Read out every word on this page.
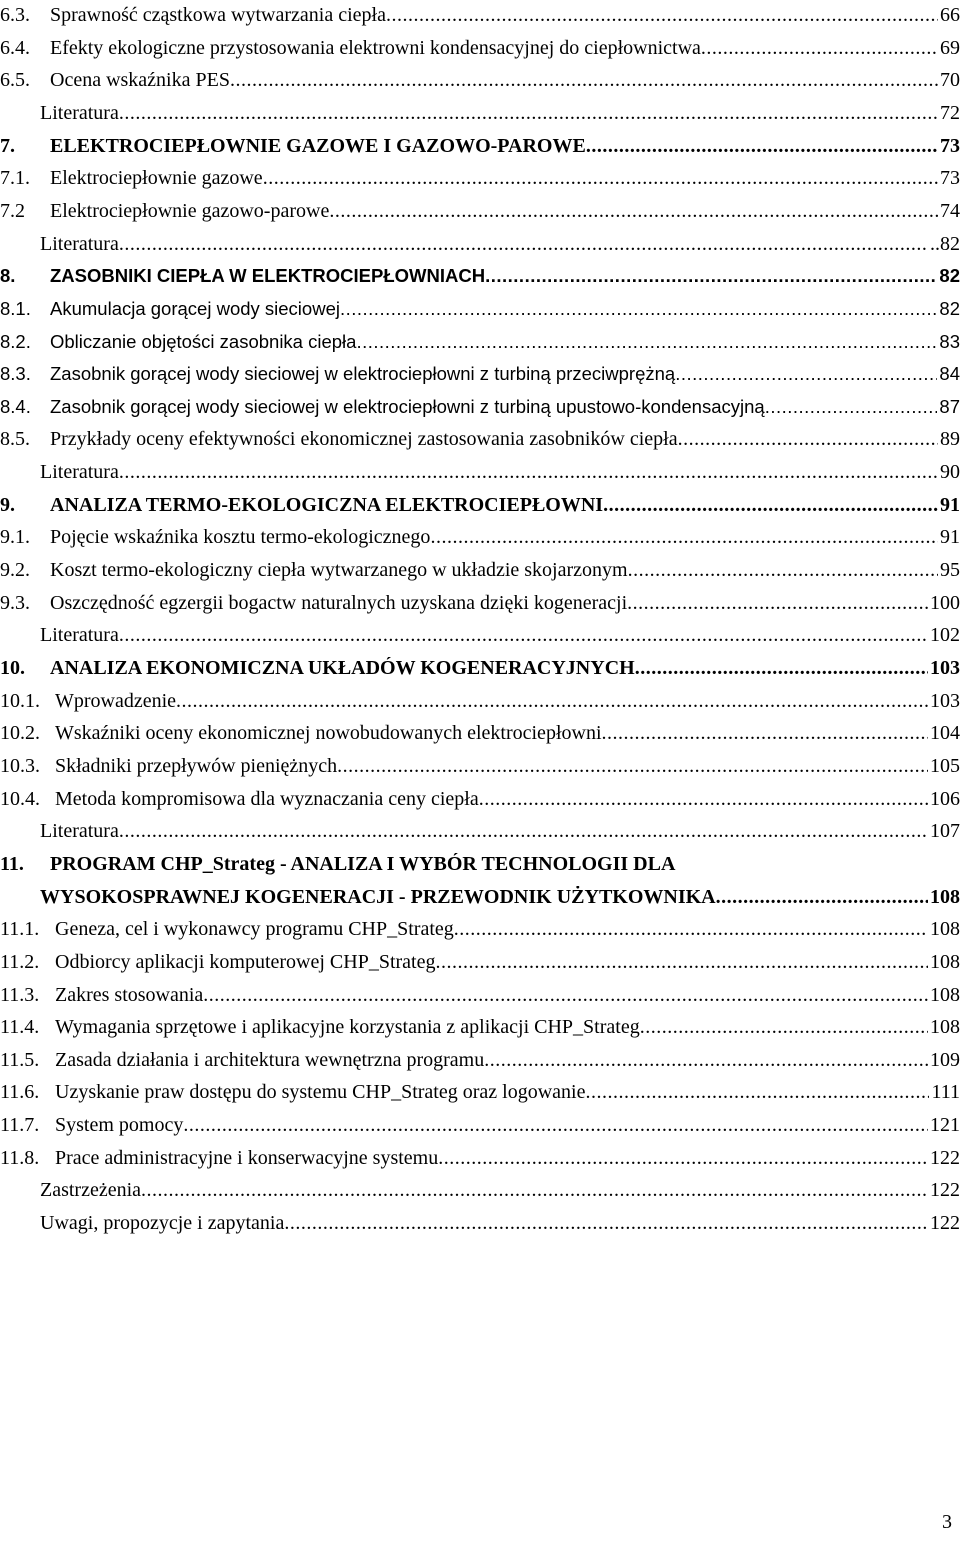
6.3. Sprawność cząstkowa wytwarzania ciepła .....	66
6.4. Efekty ekologiczne przystosowania elektrowni kondensacyjnej do ciepłownictwa .....	69
6.5. Ocena wskaźnika PES .....	70
Literatura .....	72
7. ELEKTROCIEPŁOWNIE GAZOWE I GAZOWO-PAROWE .....	73
7.1. Elektrociepłownie gazowe .....	73
7.2 Elektrociepłownie gazowo-parowe .....	74
Literatura .....	..82
8. ZASOBNIKI CIEPŁA W ELEKTROCIEPŁOWNIACH .....	82
8.1. Akumulacja gorącej wody sieciowej .....	82
8.2. Obliczanie objętości zasobnika ciepła .....	83
8.3. Zasobnik gorącej wody sieciowej w elektrociepłowni z turbiną przeciwprężną .....	84
8.4. Zasobnik gorącej wody sieciowej w elektrociepłowni z turbiną upustowo-kondensacyjną .....	87
8.5. Przykłady oceny efektywności ekonomicznej zastosowania zasobników ciepła .....	89
Literatura .....	90
9. ANALIZA TERMO-EKOLOGICZNA ELEKTROCIEPŁOWNI .....	91
9.1. Pojęcie wskaźnika kosztu termo-ekologicznego .....	91
9.2. Koszt termo-ekologiczny ciepła wytwarzanego w układzie skojarzonym .....	95
9.3. Oszczędność egzergii bogactw naturalnych uzyskana dzięki kogeneracji .....	100
Literatura .....	102
10. ANALIZA EKONOMICZNA UKŁADÓW KOGENERACYJNYCH .....	103
10.1. Wprowadzenie .....	103
10.2. Wskaźniki oceny ekonomicznej nowobudowanych elektrociepłowni .....	104
10.3. Składniki przepływów pieniężnych .....	105
10.4. Metoda kompromisowa dla wyznaczania ceny ciepła .....	106
Literatura .....	107
11. PROGRAM CHP_Strateg - ANALIZA I WYBÓR TECHNOLOGII DLA
WYSOKOSPRAWNEJ KOGENERACJI - PRZEWODNIK UŻYTKOWNIKA .....	108
11.1. Geneza, cel i wykonawcy programu CHP_Strateg .....	108
11.2. Odbiorcy aplikacji komputerowej CHP_Strateg .....	108
11.3. Zakres stosowania .....	108
11.4. Wymagania sprzętowe i aplikacyjne korzystania z aplikacji CHP_Strateg .....	108
11.5. Zasada działania i architektura wewnętrzna programu .....	109
11.6. Uzyskanie praw dostępu do systemu CHP_Strateg oraz logowanie .....	111
11.7. System pomocy .....	121
11.8. Prace administracyjne i konserwacyjne systemu .....	122
Zastrzeżenia .....	122
Uwagi, propozycje i zapytania .....	122
3
